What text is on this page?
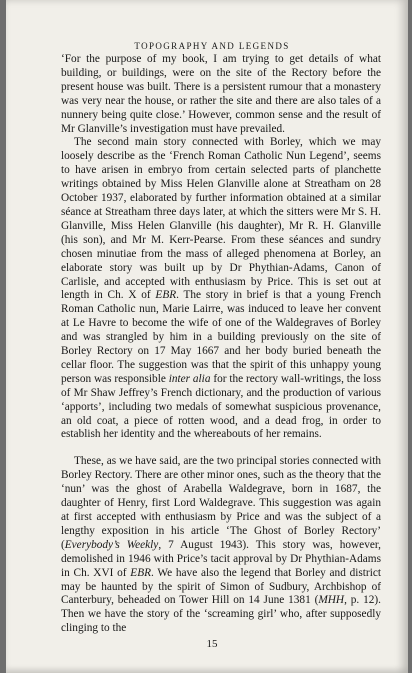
TOPOGRAPHY AND LEGENDS

‘For the purpose of my book, I am trying to get details of what building, or buildings, were on the site of the Rectory before the present house was built. There is a persistent rumour that a monastery was very near the house, or rather the site and there are also tales of a nunnery being quite close.’ However, common sense and the result of Mr Glanville’s investigation must have prevailed.

The second main story connected with Borley, which we may loosely describe as the ‘French Roman Catholic Nun Legend’, seems to have arisen in embryo from certain selected parts of planchette writings obtained by Miss Helen Glanville alone at Streatham on 28 October 1937, elaborated by further information obtained at a similar séance at Streatham three days later, at which the sitters were Mr S. H. Glanville, Miss Helen Glanville (his daughter), Mr R. H. Glanville (his son), and Mr M. Kerr-Pearse. From these séances and sundry chosen minutiae from the mass of alleged phenomena at Borley, an elaborate story was built up by Dr Phythian-Adams, Canon of Carlisle, and accepted with enthusiasm by Price. This is set out at length in Ch. X of EBR. The story in brief is that a young French Roman Catholic nun, Marie Lairre, was induced to leave her convent at Le Havre to become the wife of one of the Waldegraves of Borley and was strangled by him in a building previously on the site of Borley Rectory on 17 May 1667 and her body buried beneath the cellar floor. The suggestion was that the spirit of this unhappy young person was responsible inter alia for the rectory wall-writings, the loss of Mr Shaw Jeffrey’s French dictionary, and the production of various ‘apports’, including two medals of somewhat suspicious provenance, an old coat, a piece of rotten wood, and a dead frog, in order to establish her identity and the whereabouts of her remains.

These, as we have said, are the two principal stories connected with Borley Rectory. There are other minor ones, such as the theory that the ‘nun’ was the ghost of Arabella Waldegrave, born in 1687, the daughter of Henry, first Lord Waldegrave. This suggestion was again at first accepted with enthusiasm by Price and was the subject of a lengthy exposition in his article ‘The Ghost of Borley Rectory’ (Everybody’s Weekly, 7 August 1943). This story was, however, demolished in 1946 with Price’s tacit approval by Dr Phythian-Adams in Ch. XVI of EBR. We have also the legend that Borley and district may be haunted by the spirit of Simon of Sudbury, Archbishop of Canterbury, beheaded on Tower Hill on 14 June 1381 (MHH, p. 12). Then we have the story of the ‘screaming girl’ who, after supposedly clinging to the

15
